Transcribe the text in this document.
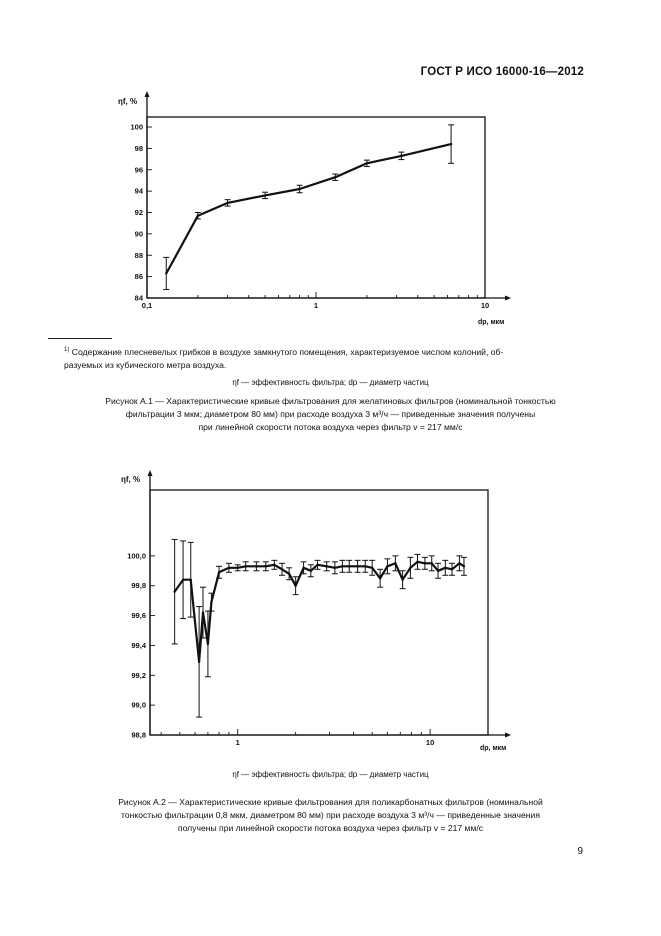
ГОСТ Р ИСО 16000-16—2012
0,1	1	10
84
86
88
90
92
94
96
98
100
ηf, %
dp, мкм
$^{1)}$ Содержание плесневелых грибков в воздухе замкнутого помещения, характеризуемое числом колоний, об-
разуемых из кубического метра воздуха.
ηf — эффективность фильтра; dp — диаметр частиц
Рисунок А.1 — Характеристические кривые фильтрования для желатиновых фильтров (номинальной тонкостью
фильтрации 3 мкм; диаметром 80 мм) при расходе воздуха 3 м³/ч — приведенные значения получены
при линейной скорости потока воздуха через фильтр v = 217 мм/с
1	10
98,8
99,0
99,2
99,4
99,6
99,8
100,0
ηf, %
dp, мкм
ηf — эффективность фильтра; dp — диаметр частиц
Рисунок А.2 — Характеристические кривые фильтрования для поликарбонатных фильтров (номинальной
тонкостью фильтрации 0,8 мкм, диаметром 80 мм) при расходе воздуха 3 м³/ч — приведенные значения
получены при линейной скорости потока воздуха через фильтр v = 217 мм/с
9
